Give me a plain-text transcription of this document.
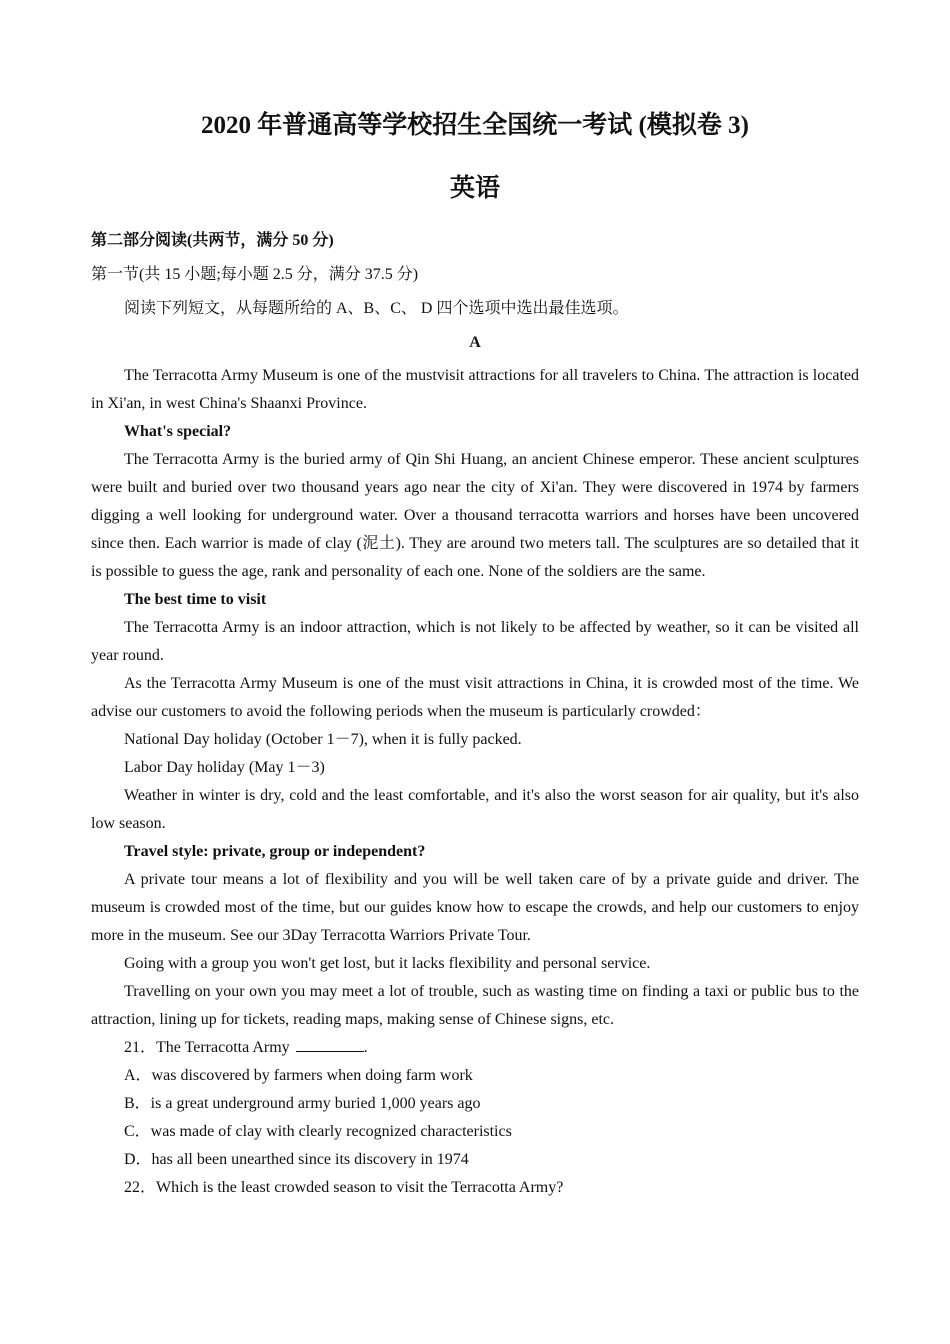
2020 年普通高等学校招生全国统一考试 (模拟卷 3)
英语
第二部分阅读(共两节，满分 50 分)
第一节(共 15 小题;每小题 2.5 分，满分 37.5 分)
阅读下列短文，从每题所给的 A、B、C、 D 四个选项中选出最佳选项。
A

The Terracotta Army Museum is one of the mustvisit attractions for all travelers to China. The attraction is located in Xi'an, in west China's Shaanxi Province.

What's special?

The Terracotta Army is the buried army of Qin Shi Huang, an ancient Chinese emperor. These ancient sculptures were built and buried over two thousand years ago near the city of Xi'an. They were discovered in 1974 by farmers digging a well looking for underground water. Over a thousand terracotta warriors and horses have been uncovered since then. Each warrior is made of clay (泥土). They are around two meters tall. The sculptures are so detailed that it is possible to guess the age, rank and personality of each one. None of the soldiers are the same.

The best time to visit

The Terracotta Army is an indoor attraction, which is not likely to be affected by weather, so it can be visited all year round.

As the Terracotta Army Museum is one of the must visit attractions in China, it is crowded most of the time. We advise our customers to avoid the following periods when the museum is particularly crowded：

National Day holiday (October 1－7), when it is fully packed.

Labor Day holiday (May 1－3)

Weather in winter is dry, cold and the least comfortable, and it's also the worst season for air quality, but it's also low season.

Travel style: private, group or independent?

A private tour means a lot of flexibility and you will be well taken care of by a private guide and driver. The museum is crowded most of the time, but our guides know how to escape the crowds, and help our customers to enjoy more in the museum. See our 3Day Terracotta Warriors Private Tour.

Going with a group you won't get lost, but it lacks flexibility and personal service.

Travelling on your own you may meet a lot of trouble, such as wasting time on finding a taxi or public bus to the attraction, lining up for tickets, reading maps, making sense of Chinese signs, etc.

21．The Terracotta Army	.

A．was discovered by farmers when doing farm work

B．is a great underground army buried 1,000 years ago

C．was made of clay with clearly recognized characteristics

D．has all been unearthed since its discovery in 1974

22．Which is the least crowded season to visit the Terracotta Army?
